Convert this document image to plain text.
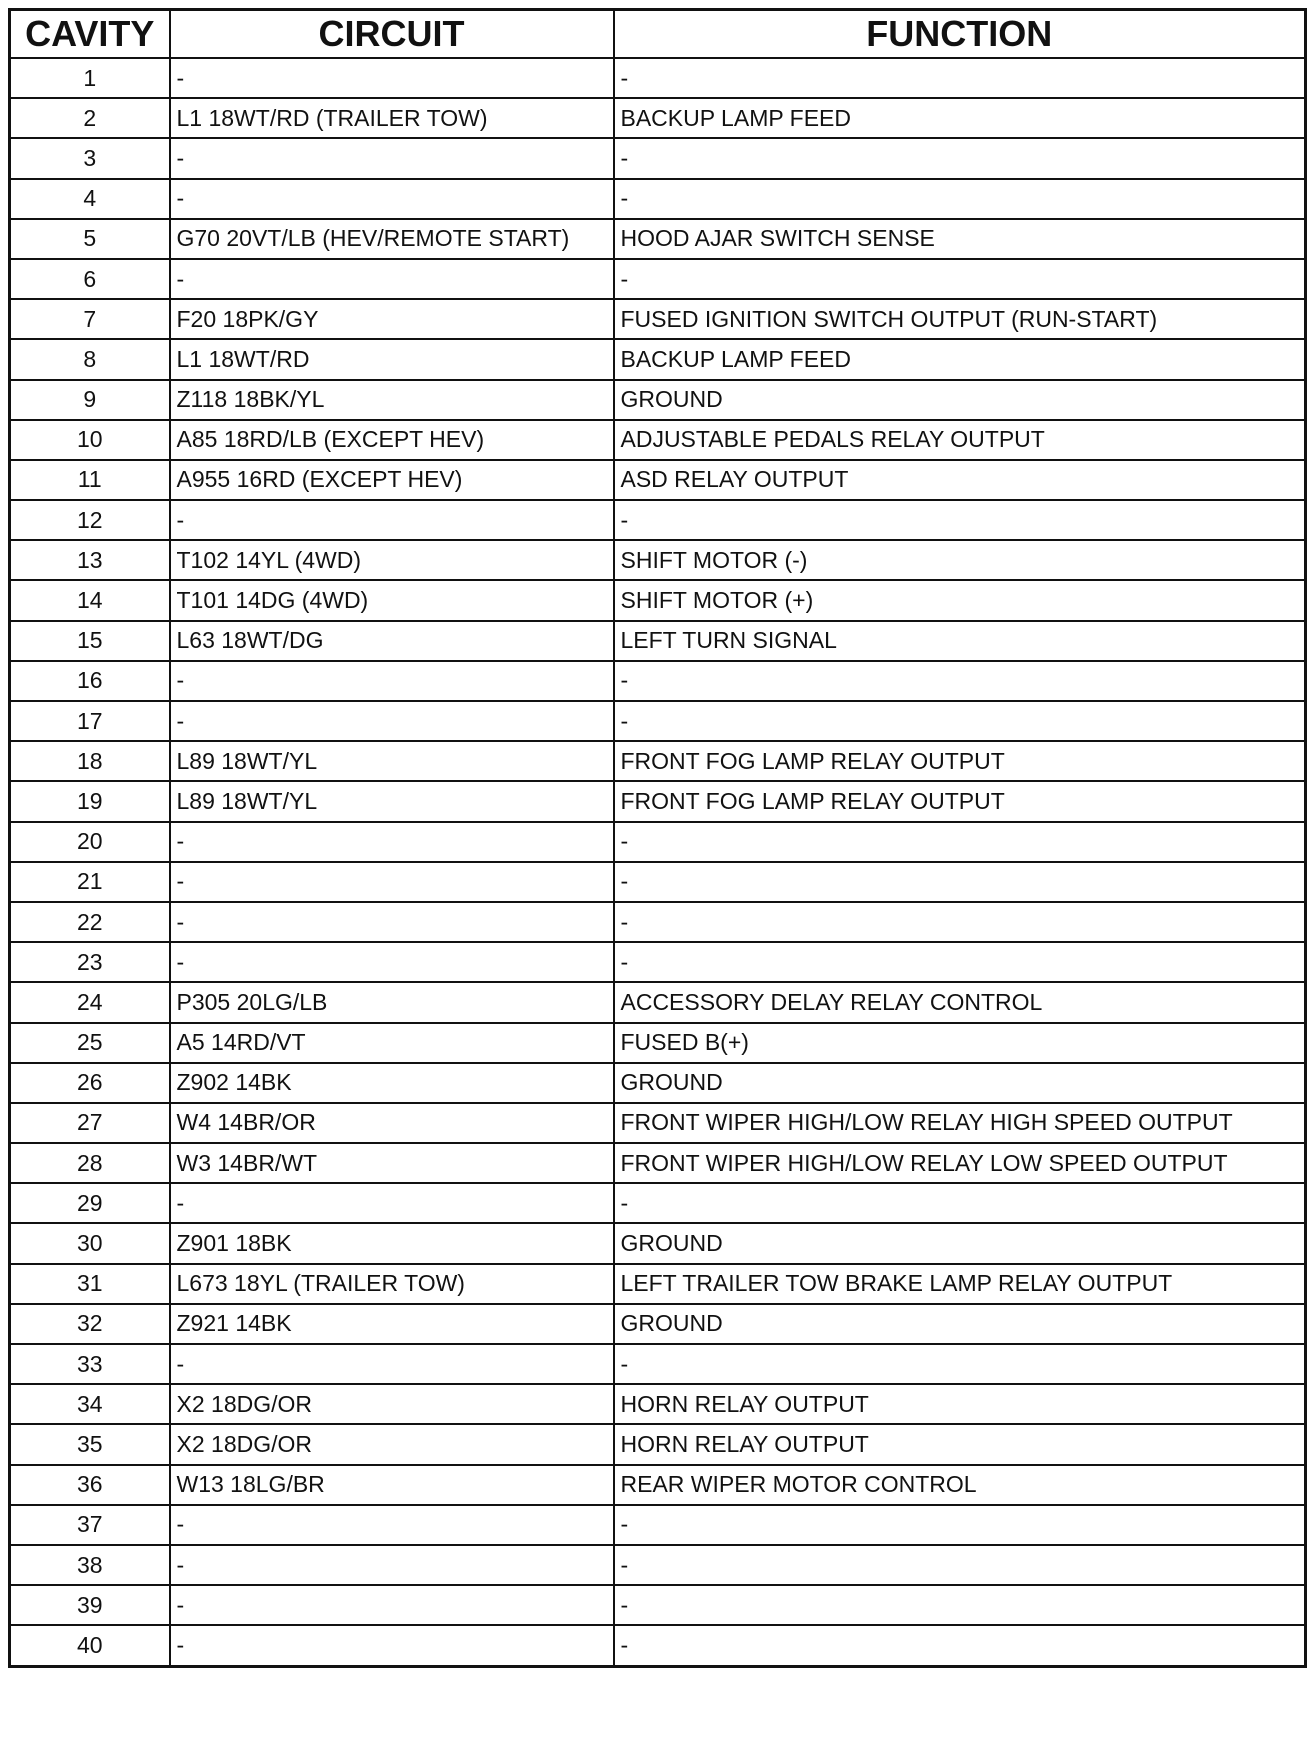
CAVITY	CIRCUIT	FUNCTION
1	-	-
2	L1 18WT/RD (TRAILER TOW)	BACKUP LAMP FEED
3	-	-
4	-	-
5	G70 20VT/LB (HEV/REMOTE START)	HOOD AJAR SWITCH SENSE
6	-	-
7	F20 18PK/GY	FUSED IGNITION SWITCH OUTPUT (RUN-START)
8	L1 18WT/RD	BACKUP LAMP FEED
9	Z118 18BK/YL	GROUND
10	A85 18RD/LB (EXCEPT HEV)	ADJUSTABLE PEDALS RELAY OUTPUT
11	A955 16RD (EXCEPT HEV)	ASD RELAY OUTPUT
12	-	-
13	T102 14YL (4WD)	SHIFT MOTOR (-)
14	T101 14DG (4WD)	SHIFT MOTOR (+)
15	L63 18WT/DG	LEFT TURN SIGNAL
16	-	-
17	-	-
18	L89 18WT/YL	FRONT FOG LAMP RELAY OUTPUT
19	L89 18WT/YL	FRONT FOG LAMP RELAY OUTPUT
20	-	-
21	-	-
22	-	-
23	-	-
24	P305 20LG/LB	ACCESSORY DELAY RELAY CONTROL
25	A5 14RD/VT	FUSED B(+)
26	Z902 14BK	GROUND
27	W4 14BR/OR	FRONT WIPER HIGH/LOW RELAY HIGH SPEED OUTPUT
28	W3 14BR/WT	FRONT WIPER HIGH/LOW RELAY LOW SPEED OUTPUT
29	-	-
30	Z901 18BK	GROUND
31	L673 18YL (TRAILER TOW)	LEFT TRAILER TOW BRAKE LAMP RELAY OUTPUT
32	Z921 14BK	GROUND
33	-	-
34	X2 18DG/OR	HORN RELAY OUTPUT
35	X2 18DG/OR	HORN RELAY OUTPUT
36	W13 18LG/BR	REAR WIPER MOTOR CONTROL
37	-	-
38	-	-
39	-	-
40	-	-
